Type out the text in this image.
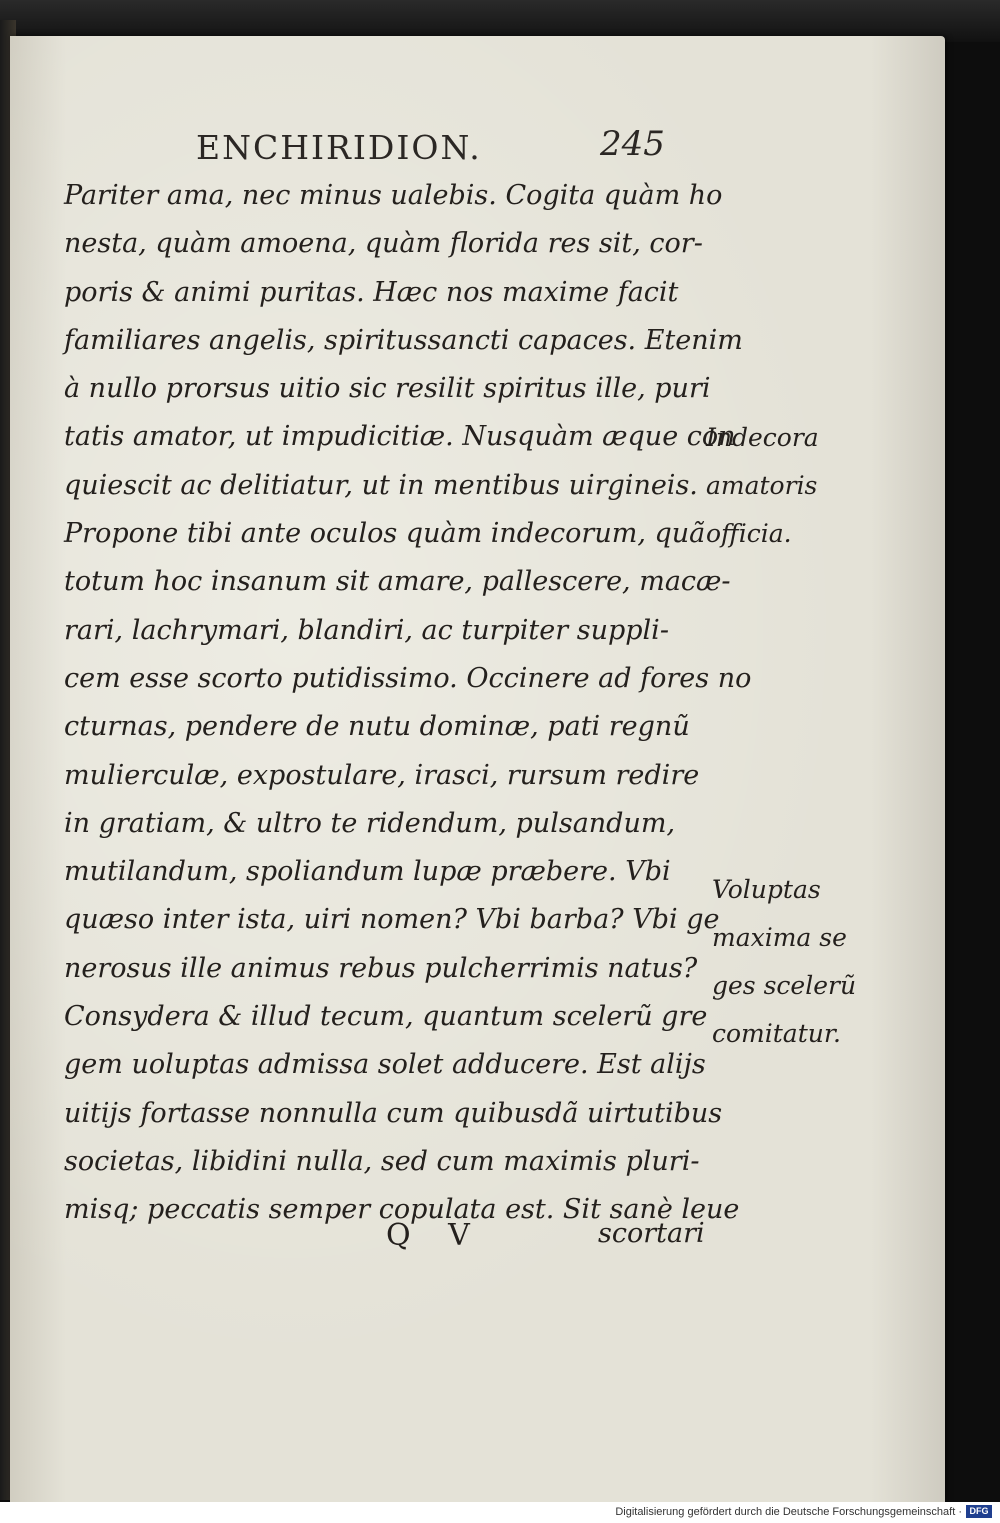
ENCHIRIDION.	245
Pariter ama, nec minus ualebis. Cogita quàm ho
nesta, quàm amoena, quàm florida res sit, cor-
poris & animi puritas. Hæc nos maxime facit
familiares angelis, spiritussancti capaces. Etenim
à nullo prorsus uitio sic resilit spiritus ille, puri
tatis amator, ut impudicitiæ. Nusquàm æque con
quiescit ac delitiatur, ut in mentibus uirgineis.
Propone tibi ante oculos quàm indecorum, quã
totum hoc insanum sit amare, pallescere, macæ-
rari, lachrymari, blandiri, ac turpiter suppli-
cem esse scorto putidissimo. Occinere ad fores no
cturnas, pendere de nutu dominæ, pati regnũ
mulierculæ, expostulare, irasci, rursum redire
in gratiam, & ultro te ridendum, pulsandum,
mutilandum, spoliandum lupæ præbere. Vbi
quæso inter ista, uiri nomen? Vbi barba? Vbi ge
nerosus ille animus rebus pulcherrimis natus?
Consydera & illud tecum, quantum scelerũ gre
gem uoluptas admissa solet adducere. Est alijs
uitijs fortasse nonnulla cum quibusdã uirtutibus
societas, libidini nulla, sed cum maximis pluri-
misq; peccatis semper copulata est. Sit sanè leue
Indecora
amatoris
officia.
Voluptas
maxima se
ges scelerũ
comitatur.
Q V	scortari
Digitalisierung gefördert durch die Deutsche Forschungsgemeinschaft · DFG
